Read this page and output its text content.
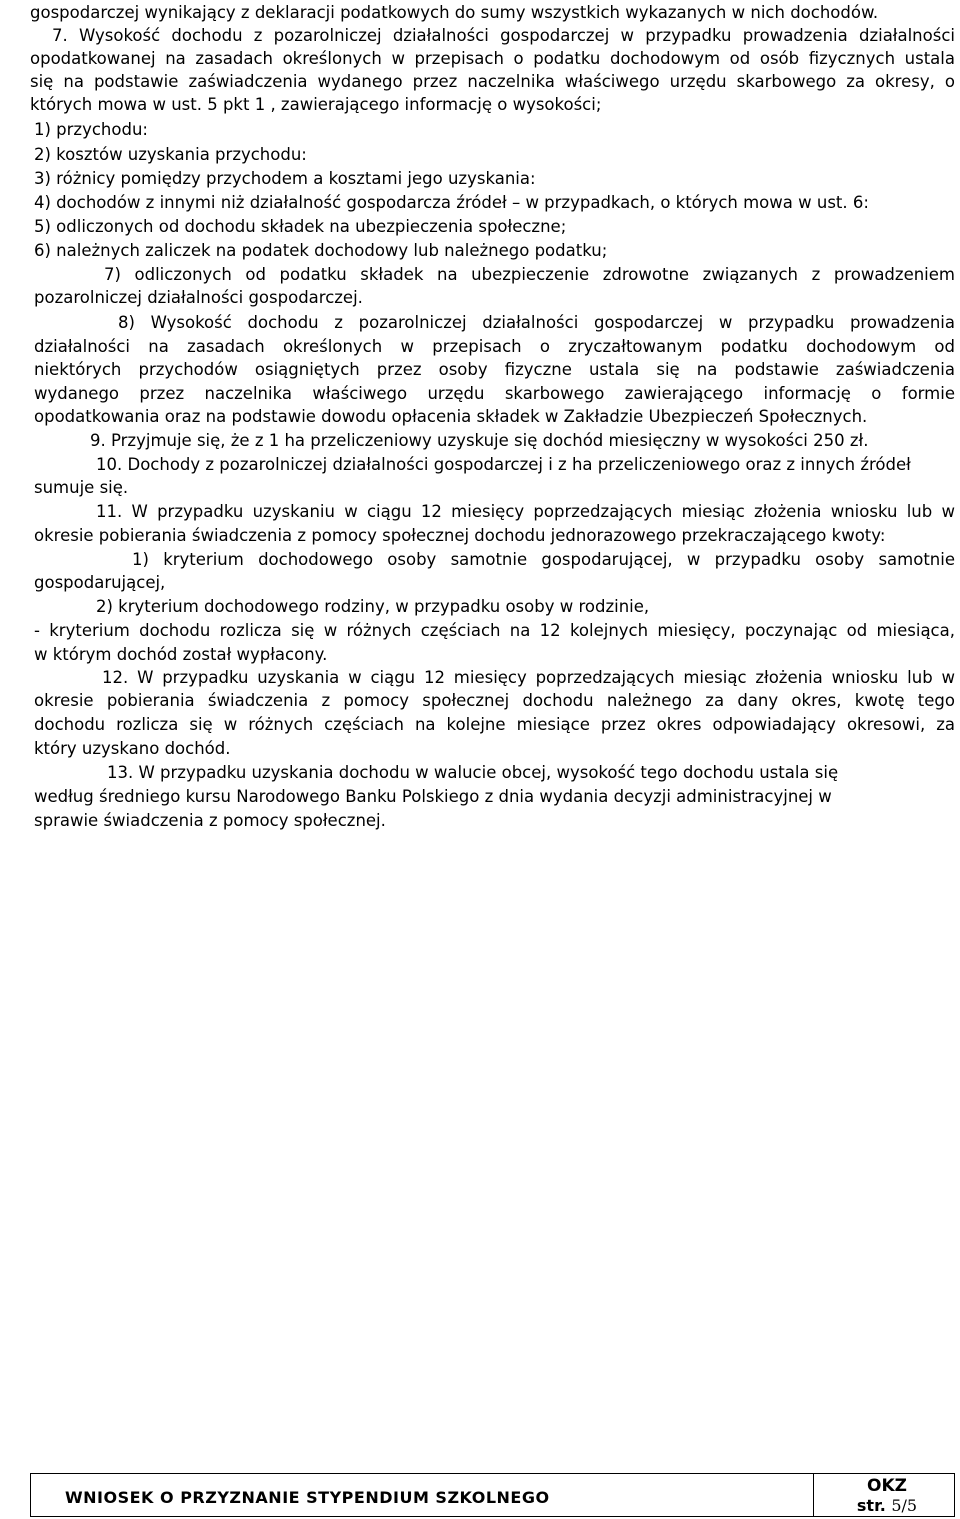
gospodarczej wynikający z deklaracji podatkowych do sumy wszystkich wykazanych w nich dochodów.
7. Wysokość dochodu z pozarolniczej działalności gospodarczej w przypadku prowadzenia działalności
opodatkowanej na zasadach określonych w przepisach o podatku dochodowym od osób fizycznych ustala
się na podstawie zaświadczenia wydanego przez naczelnika właściwego urzędu skarbowego za okresy, o
których mowa w ust. 5 pkt 1 , zawierającego informację o wysokości;
1) przychodu:
2) kosztów uzyskania przychodu:
3) różnicy pomiędzy przychodem a kosztami jego uzyskania:
4) dochodów z innymi niż działalność gospodarcza źródeł – w przypadkach, o których mowa w ust. 6:
5) odliczonych od dochodu składek na ubezpieczenia społeczne;
6) należnych zaliczek na podatek dochodowy lub należnego podatku;
7) odliczonych od podatku składek na ubezpieczenie zdrowotne związanych z prowadzeniem
pozarolniczej działalności gospodarczej.
8) Wysokość dochodu z pozarolniczej działalności gospodarczej w przypadku prowadzenia
działalności na zasadach określonych w przepisach o zryczałtowanym podatku dochodowym od
niektórych przychodów osiągniętych przez osoby fizyczne ustala się na podstawie zaświadczenia
wydanego przez naczelnika właściwego urzędu skarbowego zawierającego informację o formie
opodatkowania oraz na podstawie dowodu opłacenia składek w Zakładzie Ubezpieczeń Społecznych.
9. Przyjmuje się, że z 1 ha przeliczeniowy uzyskuje się dochód miesięczny w wysokości 250 zł.
10. Dochody z pozarolniczej działalności gospodarczej i z ha przeliczeniowego oraz z innych źródeł
sumuje się.
11. W przypadku uzyskaniu w ciągu 12 miesięcy poprzedzających miesiąc złożenia wniosku lub w
okresie pobierania świadczenia z pomocy społecznej dochodu jednorazowego przekraczającego kwoty:
1) kryterium dochodowego osoby samotnie gospodarującej, w przypadku osoby samotnie
gospodarującej,
2) kryterium dochodowego rodziny, w przypadku osoby w rodzinie,
- kryterium dochodu rozlicza się w różnych częściach na 12 kolejnych miesięcy, poczynając od miesiąca,
w którym dochód został wypłacony.
12. W przypadku uzyskania w ciągu 12 miesięcy poprzedzających miesiąc złożenia wniosku lub w
okresie pobierania świadczenia z pomocy społecznej dochodu należnego za dany okres, kwotę tego
dochodu rozlicza się w różnych częściach na kolejne miesiące przez okres odpowiadający okresowi, za
który uzyskano dochód.
13. W przypadku uzyskania dochodu w walucie obcej, wysokość tego dochodu ustala się
według średniego kursu Narodowego Banku Polskiego z dnia wydania decyzji administracyjnej w
sprawie świadczenia z pomocy społecznej.
WNIOSEK O PRZYZNANIE STYPENDIUM SZKOLNEGO
OKZ
str. 5/5
